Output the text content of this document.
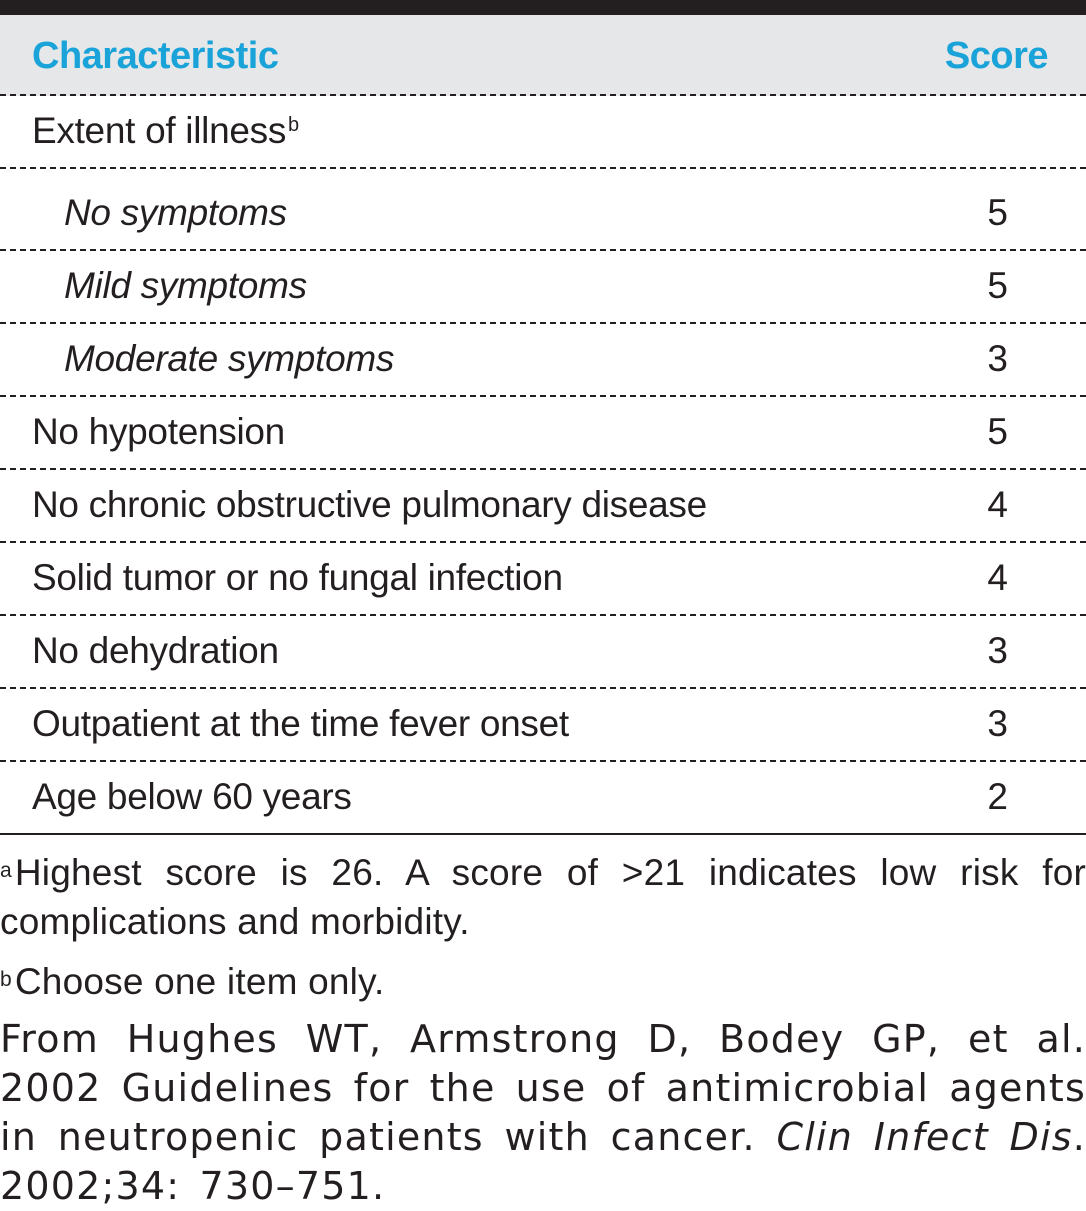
Characteristic	Score
Extent of illness $^b$
No symptoms	5
Mild symptoms	5
Moderate symptoms	3
No hypotension	5
No chronic obstructive pulmonary disease	4
Solid tumor or no fungal infection	4
No dehydration	3
Outpatient at the time fever onset	3
Age below 60 years	2
$^a$Highest score is 26. A score of >21 indicates low risk for complications and morbidity.
$^b$Choose one item only.
From Hughes WT, Armstrong D, Bodey GP, et al. 2002 Guidelines for the use of antimicrobial agents in neutropenic patients with cancer. Clin Infect Dis. 2002;34: 730–751.
